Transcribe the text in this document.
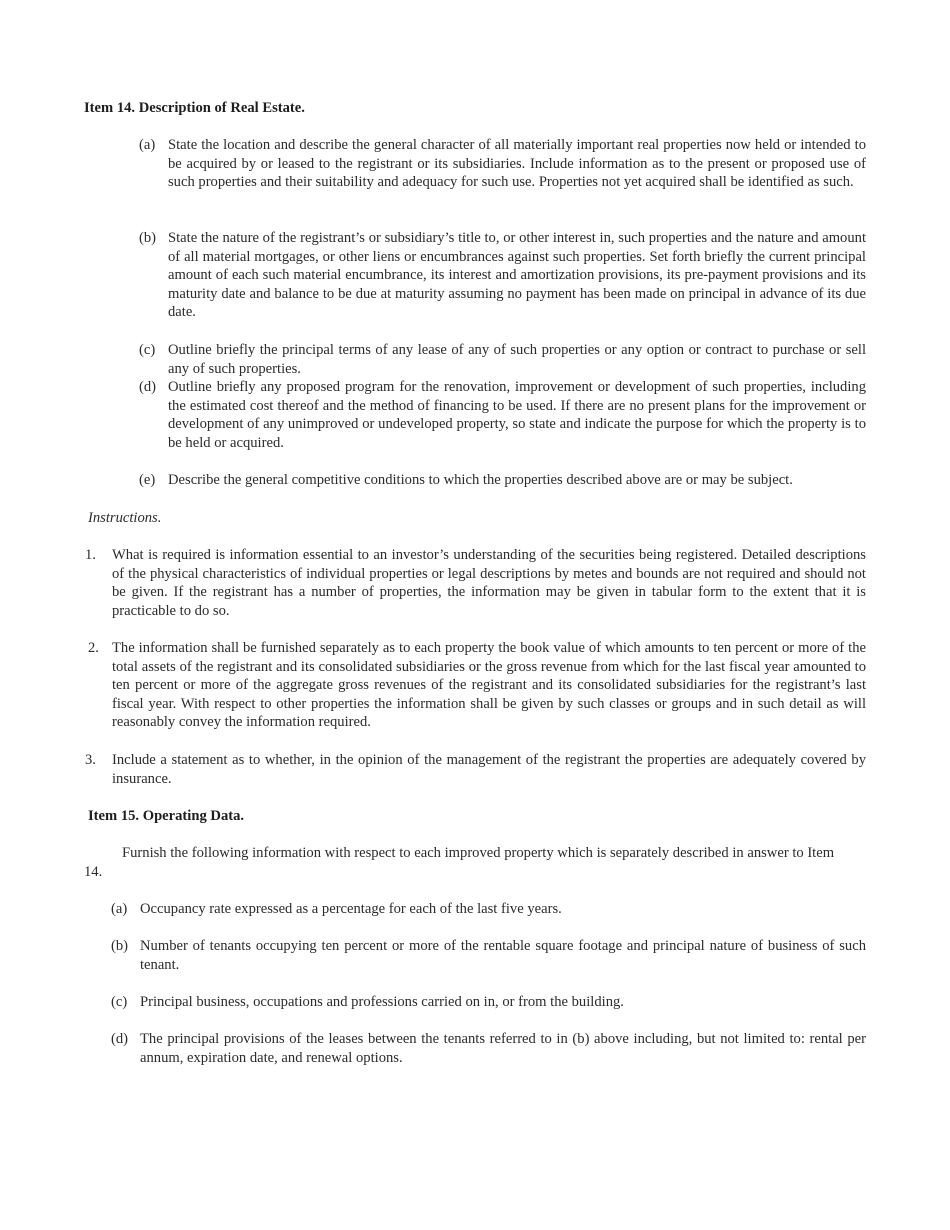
Item 14. Description of Real Estate.
(a) State the location and describe the general character of all materially important real properties now held or intended to be acquired by or leased to the registrant or its subsidiaries. Include information as to the present or proposed use of such properties and their suitability and adequacy for such use. Properties not yet acquired shall be identified as such.
(b) State the nature of the registrant’s or subsidiary’s title to, or other interest in, such properties and the nature and amount of all material mortgages, or other liens or encumbrances against such properties. Set forth briefly the current principal amount of each such material encumbrance, its interest and amortization provisions, its pre-payment provisions and its maturity date and balance to be due at maturity assuming no payment has been made on principal in advance of its due date.
(c) Outline briefly the principal terms of any lease of any of such properties or any option or contract to purchase or sell any of such properties.
(d) Outline briefly any proposed program for the renovation, improvement or development of such properties, including the estimated cost thereof and the method of financing to be used. If there are no present plans for the improvement or development of any unimproved or undeveloped property, so state and indicate the purpose for which the property is to be held or acquired.
(e) Describe the general competitive conditions to which the properties described above are or may be subject.
Instructions.
1. What is required is information essential to an investor’s understanding of the securities being registered. Detailed descriptions of the physical characteristics of individual properties or legal descriptions by metes and bounds are not required and should not be given. If the registrant has a number of properties, the information may be given in tabular form to the extent that it is practicable to do so.
2. The information shall be furnished separately as to each property the book value of which amounts to ten percent or more of the total assets of the registrant and its consolidated subsidiaries or the gross revenue from which for the last fiscal year amounted to ten percent or more of the aggregate gross revenues of the registrant and its consolidated subsidiaries for the registrant’s last fiscal year. With respect to other properties the information shall be given by such classes or groups and in such detail as will reasonably convey the information required.
3. Include a statement as to whether, in the opinion of the management of the registrant the properties are adequately covered by insurance.
Item 15. Operating Data.
Furnish the following information with respect to each improved property which is separately described in answer to Item
14.
(a) Occupancy rate expressed as a percentage for each of the last five years.
(b) Number of tenants occupying ten percent or more of the rentable square footage and principal nature of business of such tenant.
(c) Principal business, occupations and professions carried on in, or from the building.
(d) The principal provisions of the leases between the tenants referred to in (b) above including, but not limited to: rental per annum, expiration date, and renewal options.
